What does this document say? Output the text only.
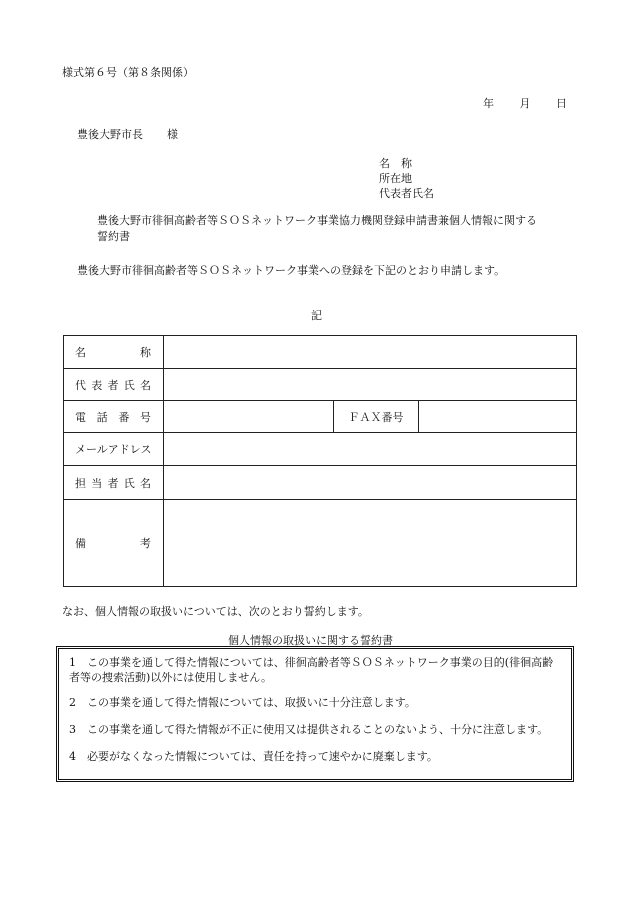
様式第６号（第８条関係）
年 月 日
豊後大野市長 様
名　称
所在地
代表者氏名
豊後大野市徘徊高齢者等ＳＯＳネットワーク事業協力機関登録申請書兼個人情報に関する誓約書
豊後大野市徘徊高齢者等ＳＯＳネットワーク事業への登録を下記のとおり申請します。
記
名 称			

代 表 者 氏 名			

電 話 番 号		ＦＡＸ番号	
メールアドレス			

担 当 者 氏 名			

備 考			

なお、個人情報の取扱いについては、次のとおり誓約します。
個人情報の取扱いに関する誓約書
1 この事業を通して得た情報については、徘徊高齢者等ＳＯＳネットワーク事業の目的(徘徊高齢者等の捜索活動)以外には使用しません。
2 この事業を通して得た情報については、取扱いに十分注意します。
3 この事業を通して得た情報が不正に使用又は提供されることのないよう、十分に注意します。
4 必要がなくなった情報については、責任を持って速やかに廃棄します。
